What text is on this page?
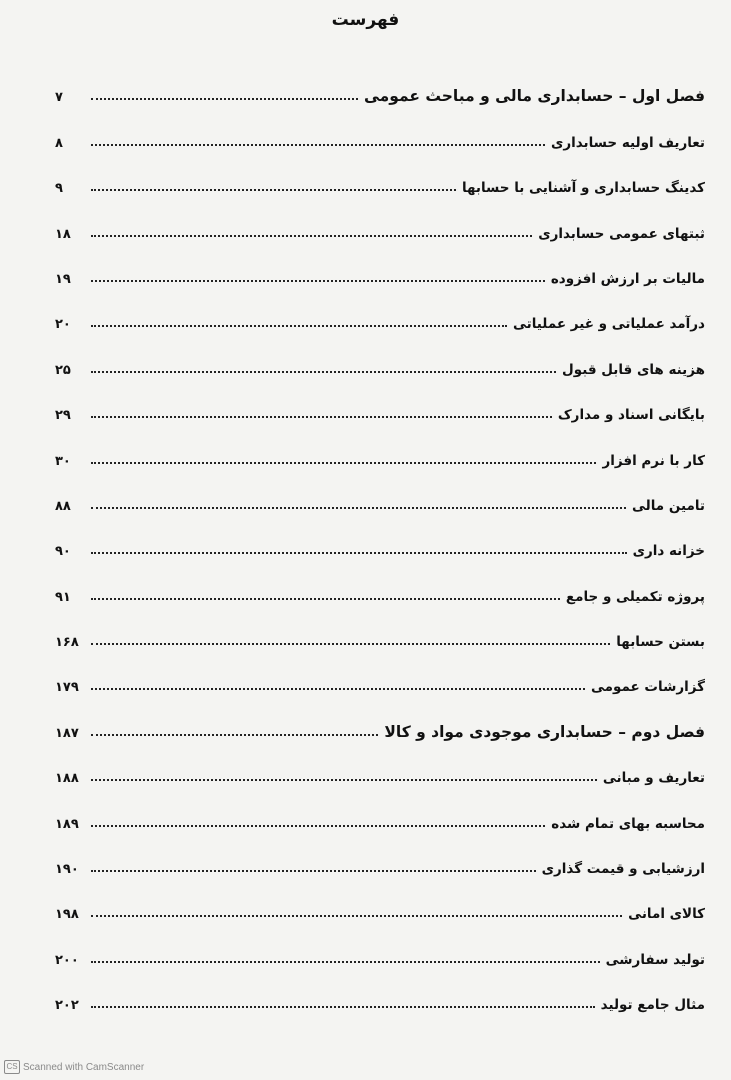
فهرست
فصل اول – حسابداری مالی و مباحث عمومی
۷
تعاریف اولیه حسابداری
۸
کدینگ حسابداری و آشنایی با حسابها
۹
ثبتهای عمومی حسابداری
۱۸
مالیات بر ارزش افزوده
۱۹
درآمد عملیاتی و غیر عملیاتی
۲۰
هزینه های قابل قبول
۲۵
بایگانی اسناد و مدارک
۲۹
کار با نرم افزار
۳۰
تامین مالی
۸۸
خزانه داری
۹۰
پروژه تکمیلی و جامع
۹۱
بستن حسابها
۱۶۸
گزارشات عمومی
۱۷۹
فصل دوم – حسابداری موجودی مواد و کالا
۱۸۷
تعاریف و مبانی
۱۸۸
محاسبه بهای تمام شده
۱۸۹
ارزشیابی و قیمت گذاری
۱۹۰
کالای امانی
۱۹۸
تولید سفارشی
۲۰۰
مثال جامع تولید
۲۰۲
CS Scanned with CamScanner
